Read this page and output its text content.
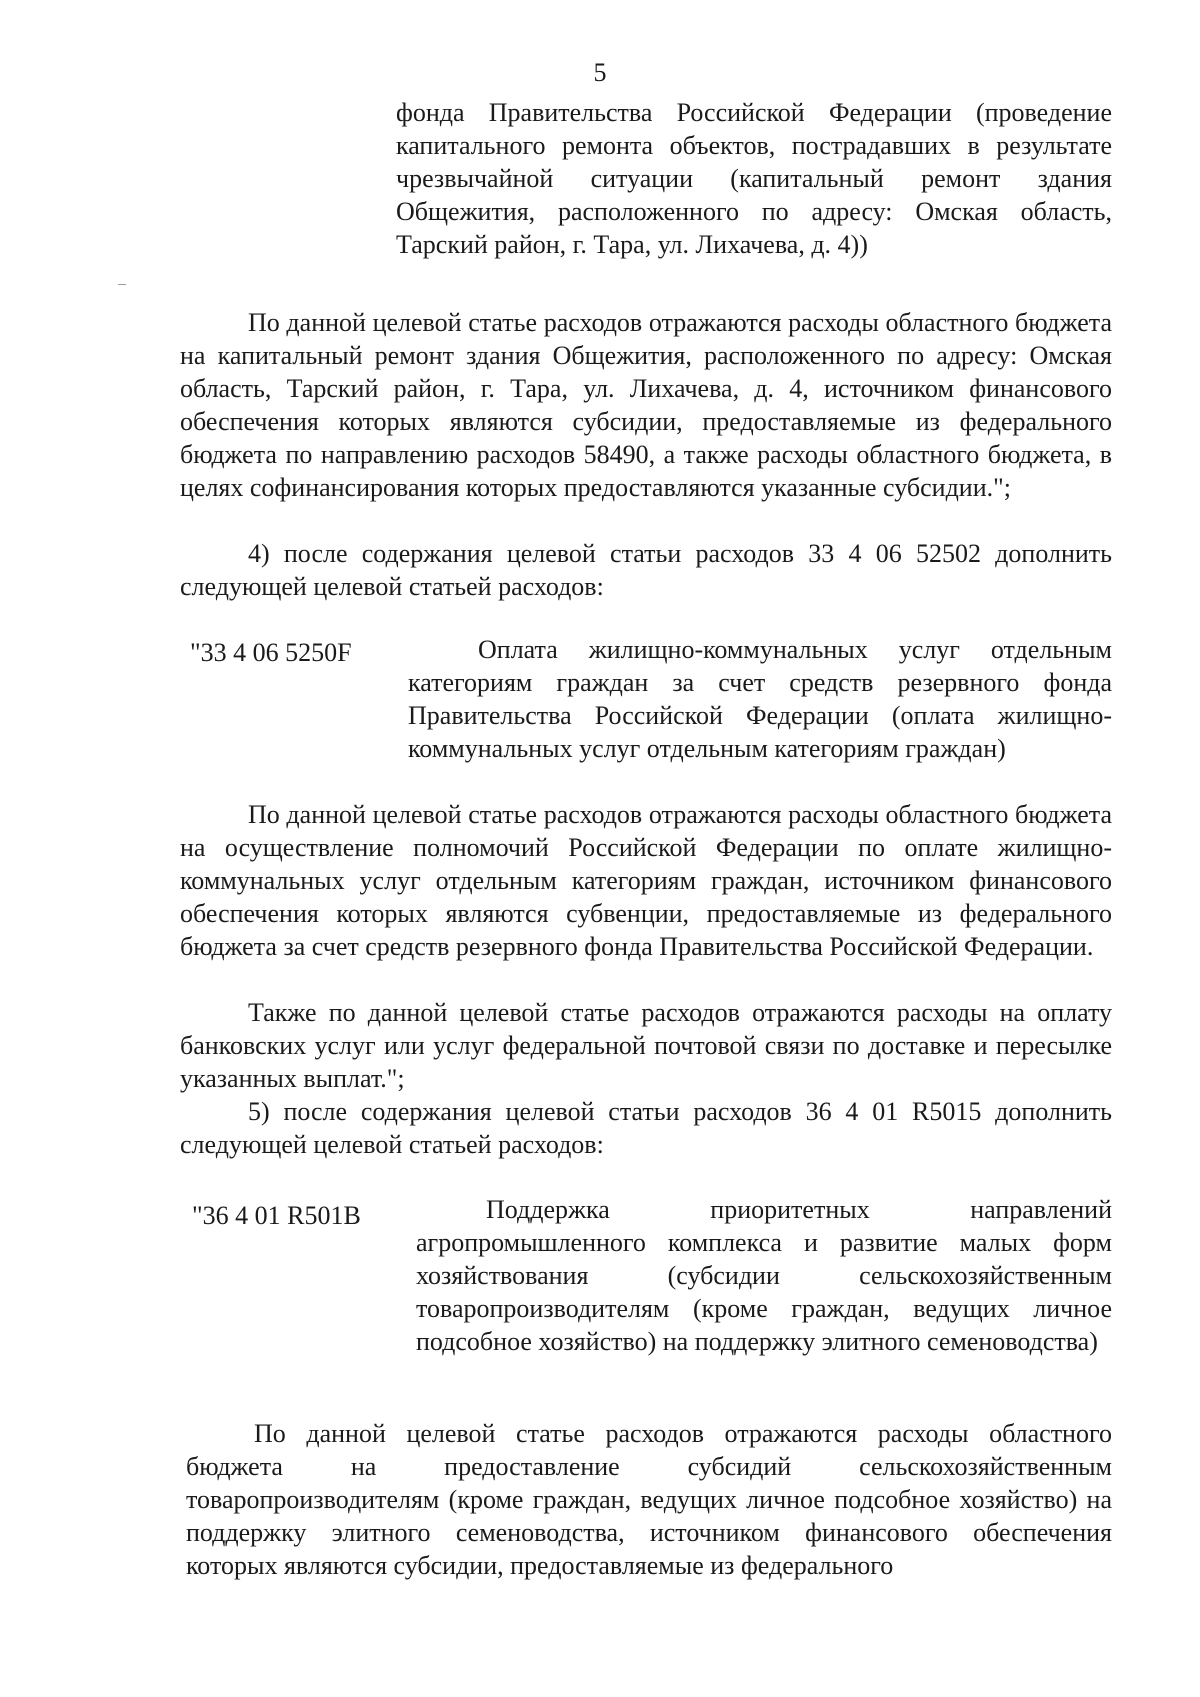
5

фонда Правительства Российской Федерации (проведение капитального ремонта объектов, пострадавших в результате чрезвычайной ситуации (капитальный ремонт здания Общежития, расположенного по адресу: Омская область, Тарский район, г. Тара, ул. Лихачева, д. 4))

По данной целевой статье расходов отражаются расходы областного бюджета на капитальный ремонт здания Общежития, расположенного по адресу: Омская область, Тарский район, г. Тара, ул. Лихачева, д. 4, источником финансового обеспечения которых являются субсидии, предоставляемые из федерального бюджета по направлению расходов 58490, а также расходы областного бюджета, в целях софинансирования которых предоставляются указанные субсидии.";

4) после содержания целевой статьи расходов 33 4 06 52502 дополнить следующей целевой статьей расходов:

"33 4 06 5250F	Оплата жилищно-коммунальных услуг отдельным категориям граждан за счет средств резервного фонда Правительства Российской Федерации (оплата жилищно-коммунальных услуг отдельным категориям граждан)

По данной целевой статье расходов отражаются расходы областного бюджета на осуществление полномочий Российской Федерации по оплате жилищно-коммунальных услуг отдельным категориям граждан, источником финансового обеспечения которых являются субвенции, предоставляемые из федерального бюджета за счет средств резервного фонда Правительства Российской Федерации.

Также по данной целевой статье расходов отражаются расходы на оплату банковских услуг или услуг федеральной почтовой связи по доставке и пересылке указанных выплат.";

5) после содержания целевой статьи расходов 36 4 01 R5015 дополнить следующей целевой статьей расходов:

"36 4 01 R501B	Поддержка приоритетных направлений агропромышленного комплекса и развитие малых форм хозяйствования (субсидии сельскохозяйственным товаропроизводителям (кроме граждан, ведущих личное подсобное хозяйство) на поддержку элитного семеноводства)

По данной целевой статье расходов отражаются расходы областного бюджета на предоставление субсидий сельскохозяйственным товаропроизводителям (кроме граждан, ведущих личное подсобное хозяйство) на поддержку элитного семеноводства, источником финансового обеспечения которых являются субсидии, предоставляемые из федерального
